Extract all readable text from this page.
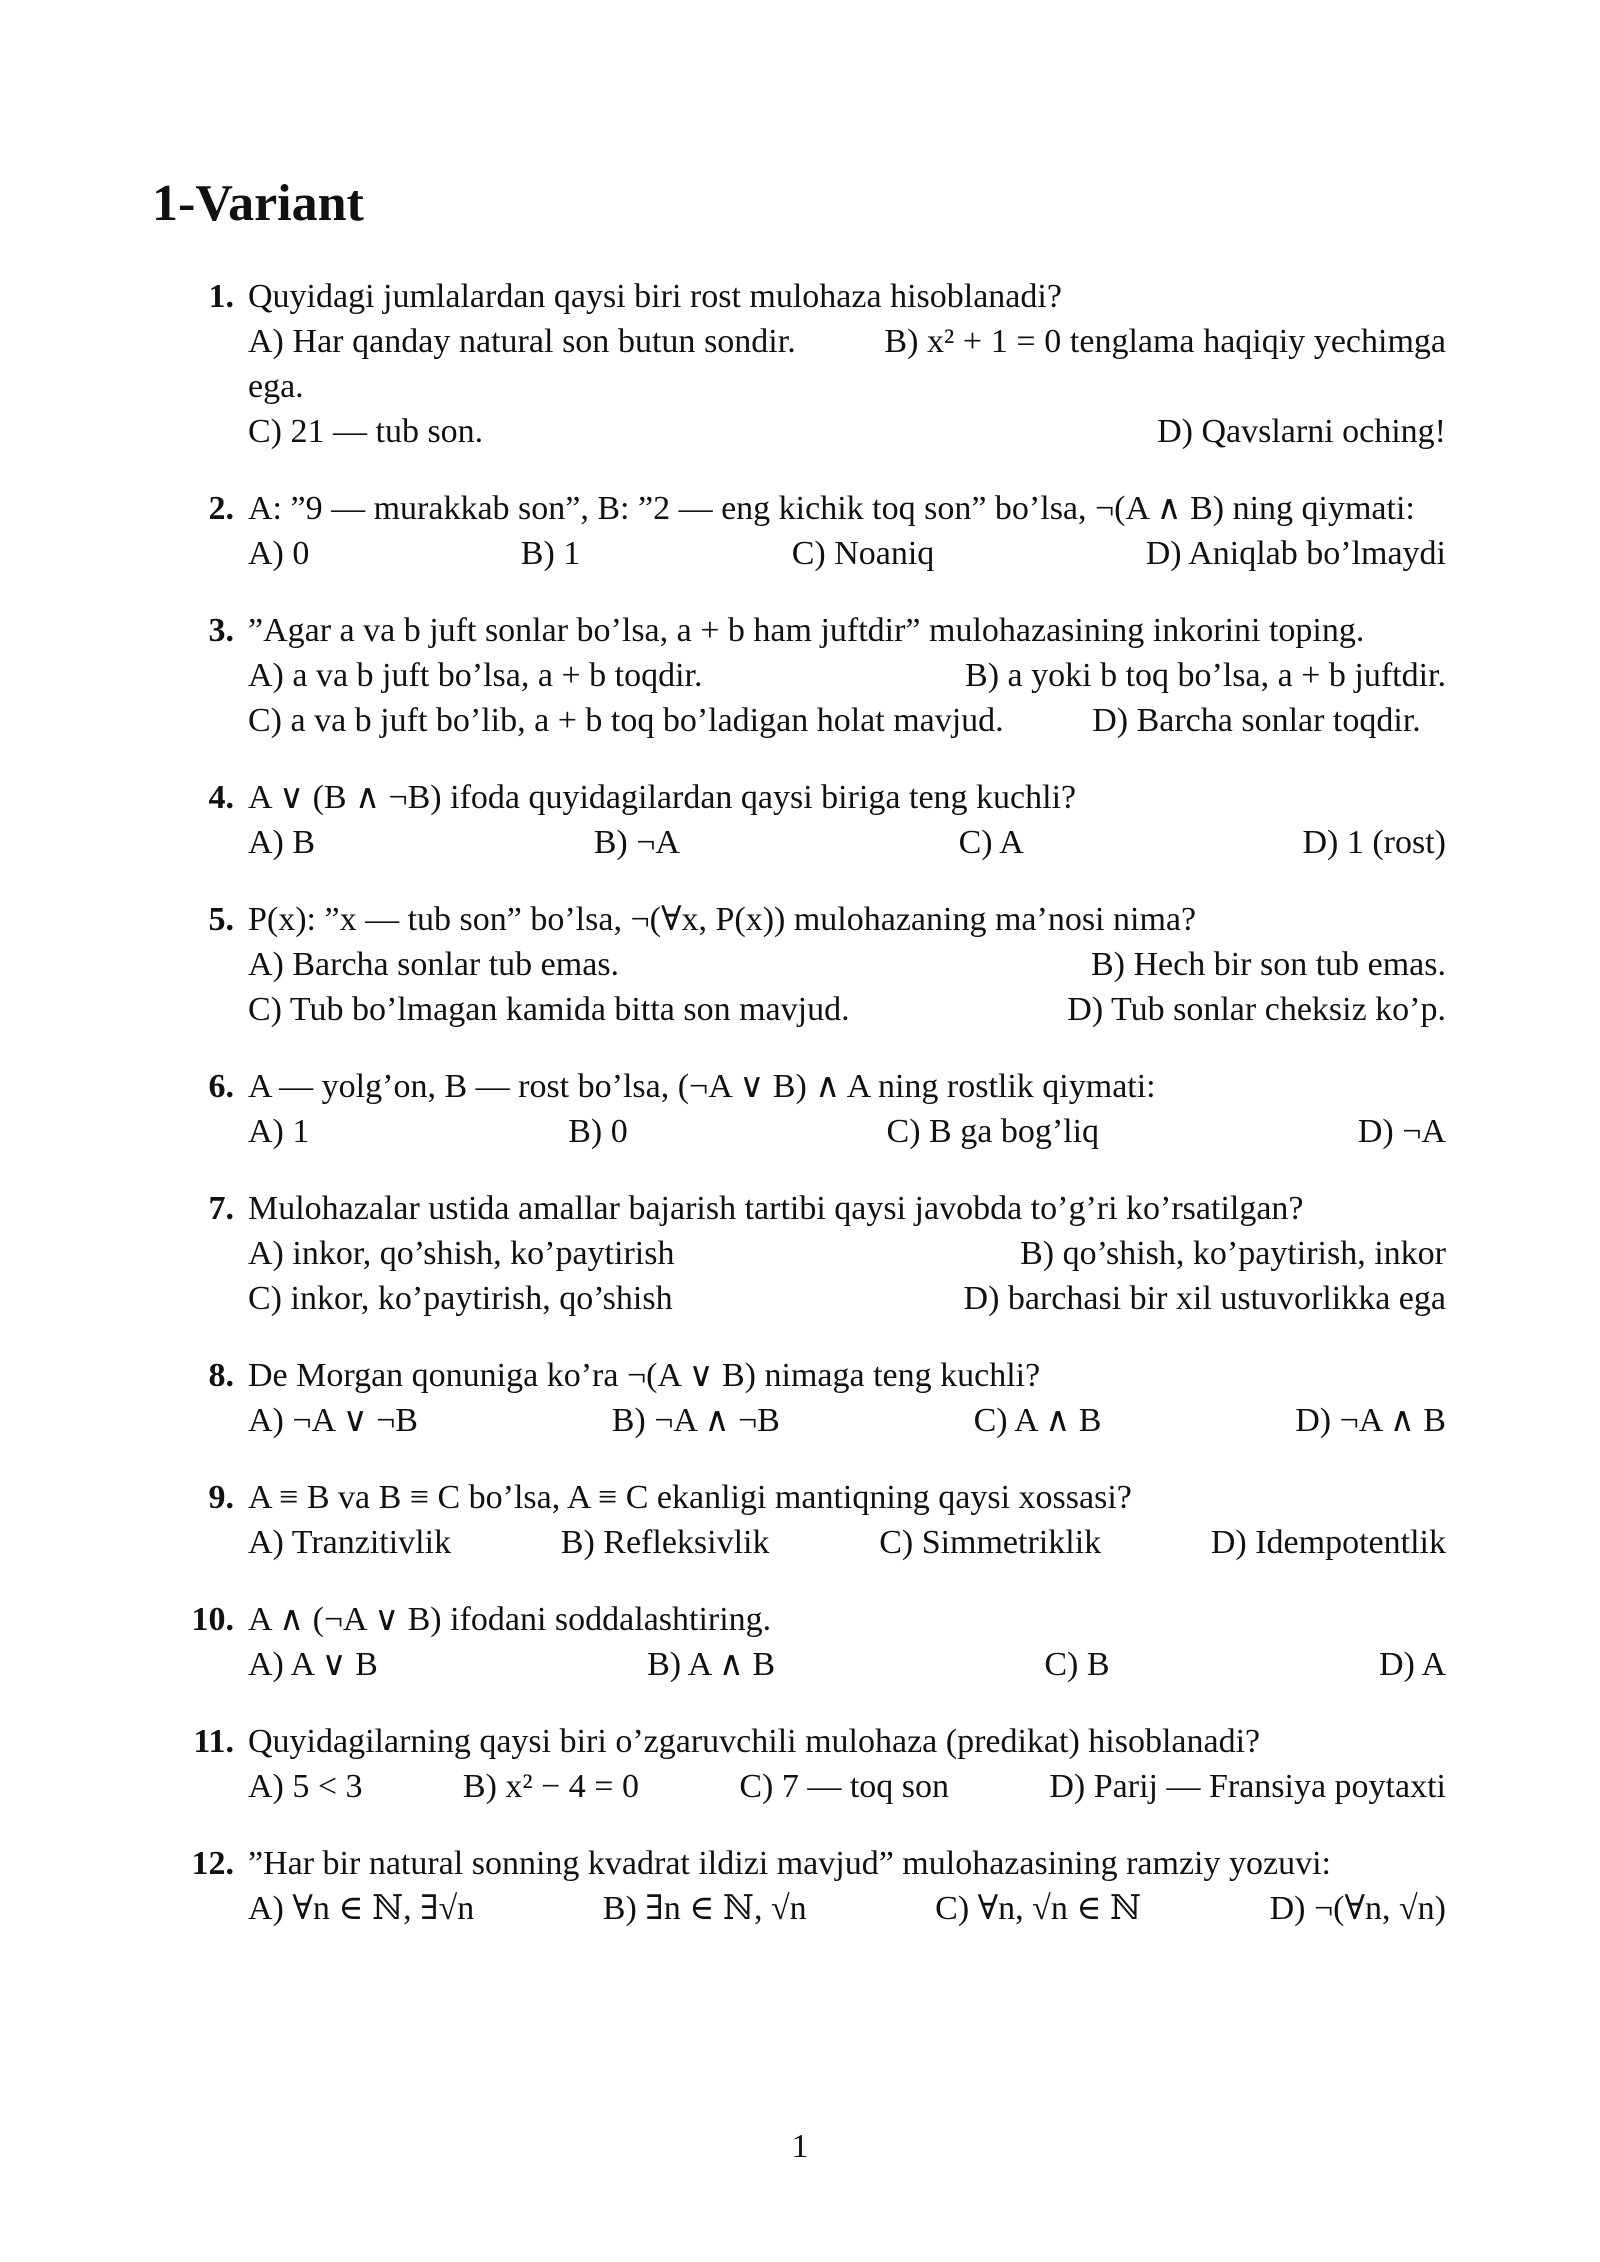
1-Variant
1. Quyidagi jumlalardan qaysi biri rost mulohaza hisoblanadi?
A) Har qanday natural son butun sondir.	B) x² + 1 = 0 tenglama haqiqiy yechimga ega.
C) 21 — tub son.	D) Qavslarni oching!
2. A: ”9 — murakkab son”, B: ”2 — eng kichik toq son” bo’lsa, ¬(A ∧ B) ning qiymati:
A) 0	B) 1	C) Noaniq	D) Aniqlab bo’lmaydi
3. ”Agar a va b juft sonlar bo’lsa, a + b ham juftdir” mulohazasining inkorini toping.
A) a va b juft bo’lsa, a + b toqdir.	B) a yoki b toq bo’lsa, a + b juftdir.
C) a va b juft bo’lib, a + b toq bo’ladigan holat mavjud.	D) Barcha sonlar toqdir.
4. A ∨ (B ∧ ¬B) ifoda quyidagilardan qaysi biriga teng kuchli?
A) B	B) ¬A	C) A	D) 1 (rost)
5. P(x): ”x — tub son” bo’lsa, ¬(∀x, P(x)) mulohazaning ma’nosi nima?
A) Barcha sonlar tub emas.	B) Hech bir son tub emas.
C) Tub bo’lmagan kamida bitta son mavjud.	D) Tub sonlar cheksiz ko’p.
6. A — yolg’on, B — rost bo’lsa, (¬A ∨ B) ∧ A ning rostlik qiymati:
A) 1	B) 0	C) B ga bog’liq	D) ¬A
7. Mulohazalar ustida amallar bajarish tartibi qaysi javobda to’g’ri ko’rsatilgan?
A) inkor, qo’shish, ko’paytirish	B) qo’shish, ko’paytirish, inkor
C) inkor, ko’paytirish, qo’shish	D) barchasi bir xil ustuvorlikka ega
8. De Morgan qonuniga ko’ra ¬(A ∨ B) nimaga teng kuchli?
A) ¬A ∨ ¬B	B) ¬A ∧ ¬B	C) A ∧ B	D) ¬A ∧ B
9. A ≡ B va B ≡ C bo’lsa, A ≡ C ekanligi mantiqning qaysi xossasi?
A) Tranzitivlik	B) Refleksivlik	C) Simmetriklik	D) Idempotentlik
10. A ∧ (¬A ∨ B) ifodani soddalashtiring.
A) A ∨ B	B) A ∧ B	C) B	D) A
11. Quyidagilarning qaysi biri o’zgaruvchili mulohaza (predikat) hisoblanadi?
A) 5 < 3	B) x² − 4 = 0	C) 7 — toq son	D) Parij — Fransiya poytaxti
12. ”Har bir natural sonning kvadrat ildizi mavjud” mulohazasining ramziy yozuvi:
A) ∀n ∈ ℕ, ∃√n	B) ∃n ∈ ℕ, √n	C) ∀n, √n ∈ ℕ	D) ¬(∀n, √n)
1
